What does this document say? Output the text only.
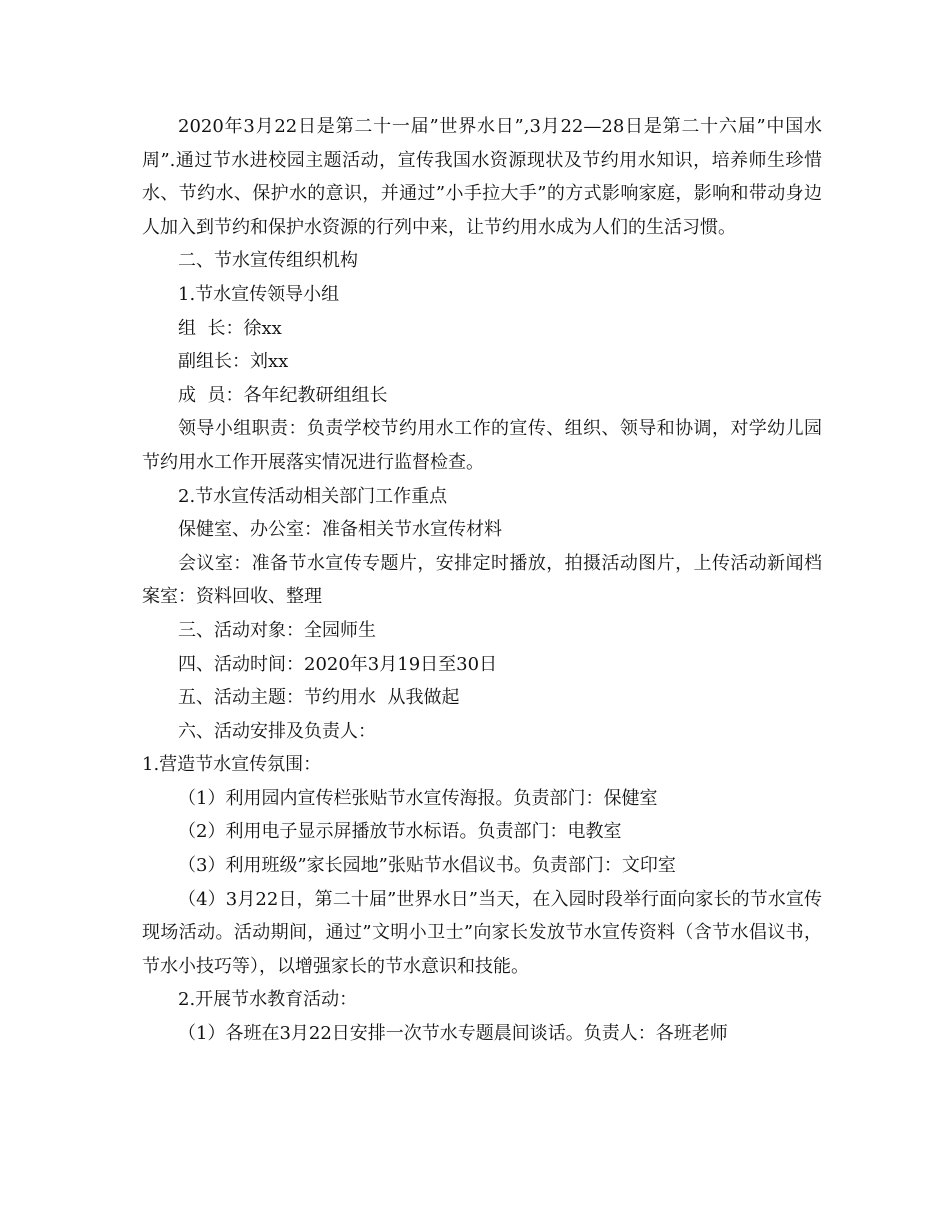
2020年3月22日是第二十一届”世界水日”,3月22—28日是第二十六届”中国水周”.通过节水进校园主题活动，宣传我国水资源现状及节约用水知识，培养师生珍惜水、节约水、保护水的意识，并通过”小手拉大手”的方式影响家庭，影响和带动身边人加入到节约和保护水资源的行列中来，让节约用水成为人们的生活习惯。

二、节水宣传组织机构

1.节水宣传领导小组

组  长：徐xx

副组长：刘xx

成  员：各年纪教研组组长

领导小组职责：负责学校节约用水工作的宣传、组织、领导和协调，对学幼儿园节约用水工作开展落实情况进行监督检查。

2.节水宣传活动相关部门工作重点

保健室、办公室：准备相关节水宣传材料

会议室：准备节水宣传专题片，安排定时播放，拍摄活动图片，上传活动新闻档案室：资料回收、整理

三、活动对象：全园师生

四、活动时间：2020年3月19日至30日

五、活动主题：节约用水  从我做起

六、活动安排及负责人：

1.营造节水宣传氛围：

（1）利用园内宣传栏张贴节水宣传海报。负责部门：保健室

（2）利用电子显示屏播放节水标语。负责部门：电教室

（3）利用班级”家长园地”张贴节水倡议书。负责部门：文印室

（4）3月22日，第二十届”世界水日”当天，在入园时段举行面向家长的节水宣传现场活动。活动期间，通过”文明小卫士”向家长发放节水宣传资料（含节水倡议书，节水小技巧等），以增强家长的节水意识和技能。

2.开展节水教育活动：

（1）各班在3月22日安排一次节水专题晨间谈话。负责人：各班老师
